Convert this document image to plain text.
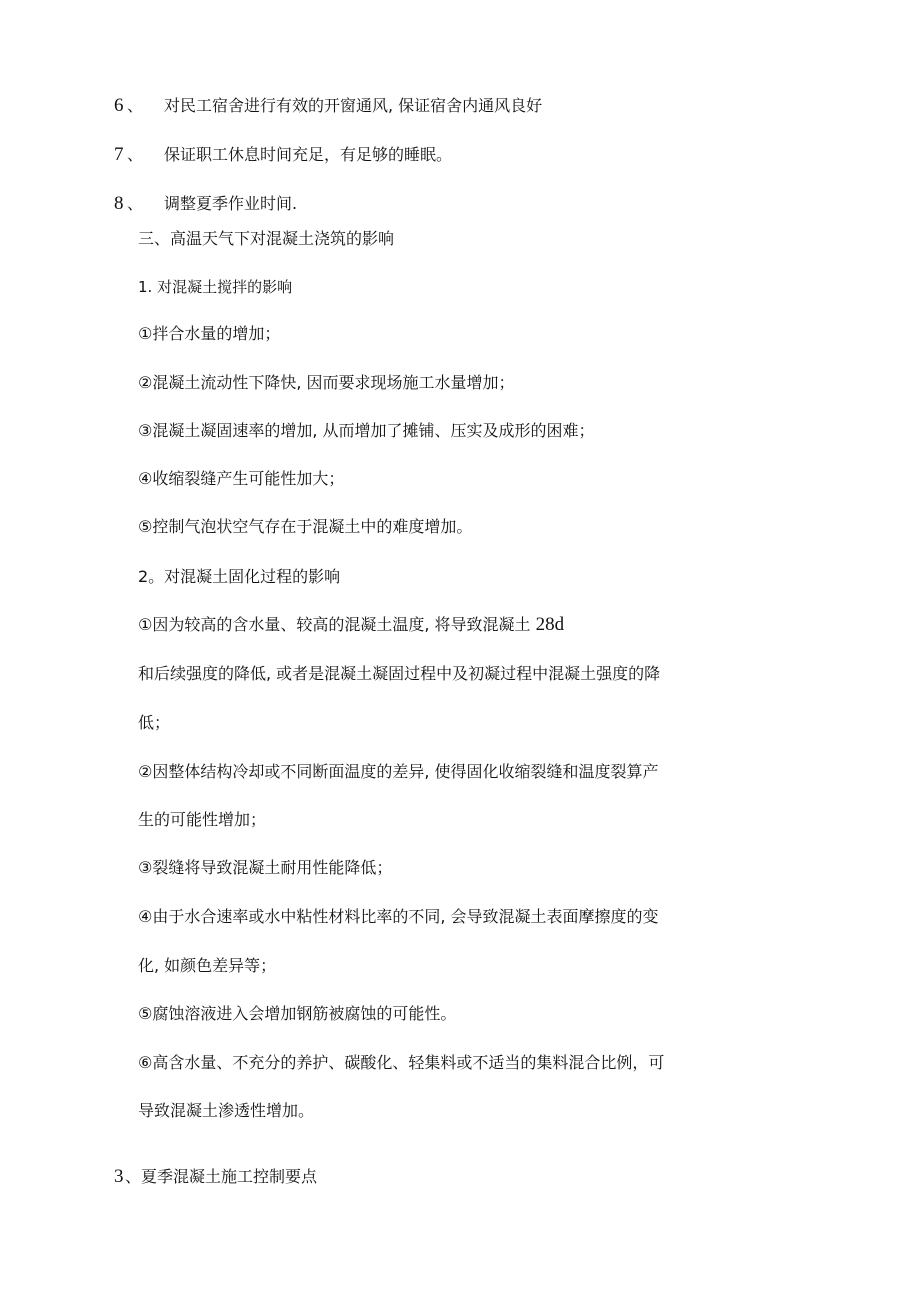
6 、 对民工宿舍进行有效的开窗通风, 保证宿舍内通风良好
7 、 保证职工休息时间充足，有足够的睡眠。
8 、 调整夏季作业时间.
三、高温天气下对混凝土浇筑的影响
1. 对混凝土搅拌的影响
①拌合水量的增加；
②混凝土流动性下降快, 因而要求现场施工水量增加；
③混凝土凝固速率的增加, 从而增加了摊铺、压实及成形的困难；
④收缩裂缝产生可能性加大；
⑤控制气泡状空气存在于混凝土中的难度增加。
2。对混凝土固化过程的影响
①因为较高的含水量、较高的混凝土温度, 将导致混凝土 28d
和后续强度的降低, 或者是混凝土凝固过程中及初凝过程中混凝土强度的降
低；
②因整体结构冷却或不同断面温度的差异, 使得固化收缩裂缝和温度裂算产
生的可能性增加；
③裂缝将导致混凝土耐用性能降低；
④由于水合速率或水中粘性材料比率的不同, 会导致混凝土表面摩擦度的变
化, 如颜色差异等；
⑤腐蚀溶液进入会增加钢筋被腐蚀的可能性。
⑥高含水量、不充分的养护、碳酸化、轻集料或不适当的集料混合比例，可
导致混凝土渗透性增加。
3 、夏季混凝土施工控制要点
